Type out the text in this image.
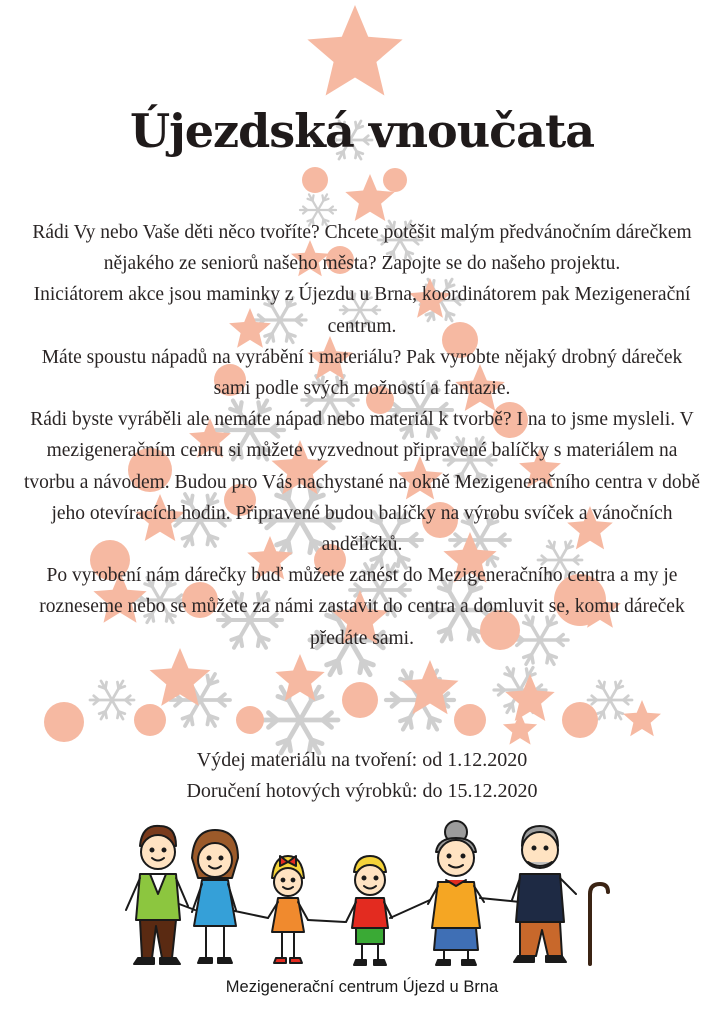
Újezdská vnoučata

Rádi Vy nebo Vaše děti něco tvoříte? Chcete potěšit malým předvánočním dárečkem nějakého ze seniorů našeho města? Zapojte se do našeho projektu.

Iniciátorem akce jsou maminky z Újezdu u Brna, koordinátorem pak Mezigenerační centrum.

Máte spoustu nápadů na vyrábění i materiálu? Pak vyrobte nějaký drobný dáreček sami podle svých možností a fantazie.

Rádi byste vyráběli ale nemáte nápad nebo materiál k tvorbě? I na to jsme mysleli. V mezigeneračním cenru si můžete vyzvednout připravené balíčky s materiálem na tvorbu a návodem. Budou pro Vás nachystané na okně Mezigeneračního centra v době jeho otevíracích hodin. Připravené budou balíčky na výrobu svíček a vánočních andělíčků.

Po vyrobení nám dárečky buď můžete zanést do Mezigeneračního centra a my je rozneseme nebo se můžete za námi zastavit do centra a domluvit se, komu dáreček předáte sami.

Výdej materiálu na tvoření: od 1.12.2020

Doručení hotových výrobků: do 15.12.2020

Mezigenerační centrum Újezd u Brna
